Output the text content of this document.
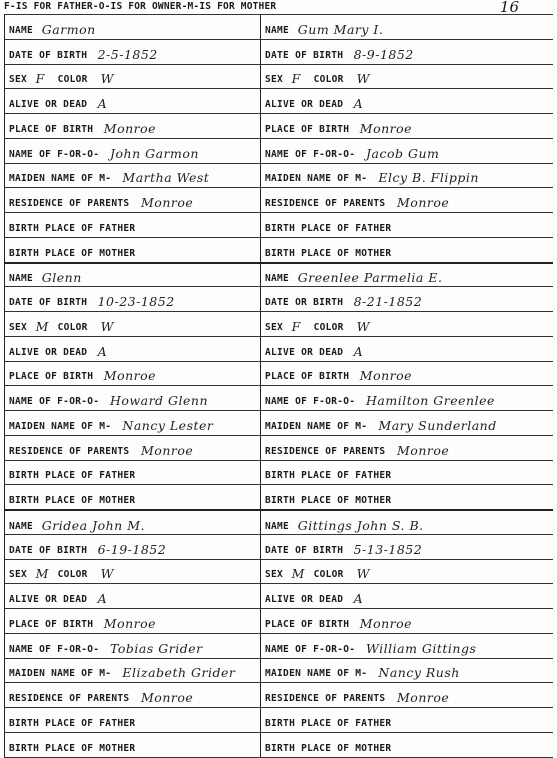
F-IS FOR FATHER-O-IS FOR OWNER-M-IS FOR MOTHER	16
NAME Garmon	NAME Gum Mary I.
DATE OF BIRTH 2-5-1852	DATE OF BIRTH 8-9-1852
SEX F COLOR W	SEX F COLOR W
ALIVE OR DEAD A	ALIVE OR DEAD A
PLACE OF BIRTH Monroe	PLACE OF BIRTH Monroe
NAME OF F-OR-O- John Garmon	NAME OF F-OR-O- Jacob Gum
MAIDEN NAME OF M- Martha West	MAIDEN NAME OF M- Elcy B. Flippin
RESIDENCE OF PARENTS Monroe	RESIDENCE OF PARENTS Monroe
BIRTH PLACE OF FATHER	BIRTH PLACE OF FATHER
BIRTH PLACE OF MOTHER	BIRTH PLACE OF MOTHER
NAME Glenn	NAME Greenlee Parmelia E.
DATE OF BIRTH 10-23-1852	DATE OR BIRTH 8-21-1852
SEX M COLOR W	SEX F COLOR W
ALIVE OR DEAD A	ALIVE OR DEAD A
PLACE OF BIRTH Monroe	PLACE OF BIRTH Monroe
NAME OF F-OR-O- Howard Glenn	NAME OF F-OR-O- Hamilton Greenlee
MAIDEN NAME OF M- Nancy Lester	MAIDEN NAME OF M- Mary Sunderland
RESIDENCE OF PARENTS Monroe	RESIDENCE OF PARENTS Monroe
BIRTH PLACE OF FATHER	BIRTH PLACE OF FATHER
BIRTH PLACE OF MOTHER	BIRTH PLACE OF MOTHER
NAME Gridea John M.	NAME Gittings John S. B.
DATE OF BIRTH 6-19-1852	DATE OF BIRTH 5-13-1852
SEX M COLOR W	SEX M COLOR W
ALIVE OR DEAD A	ALIVE OR DEAD A
PLACE OF BIRTH Monroe	PLACE OF BIRTH Monroe
NAME OF F-OR-O- Tobias Grider	NAME OF F-OR-O- William Gittings
MAIDEN NAME OF M- Elizabeth Grider	MAIDEN NAME OF M- Nancy Rush
RESIDENCE OF PARENTS Monroe	RESIDENCE OF PARENTS Monroe
BIRTH PLACE OF FATHER	BIRTH PLACE OF FATHER
BIRTH PLACE OF MOTHER	BIRTH PLACE OF MOTHER
